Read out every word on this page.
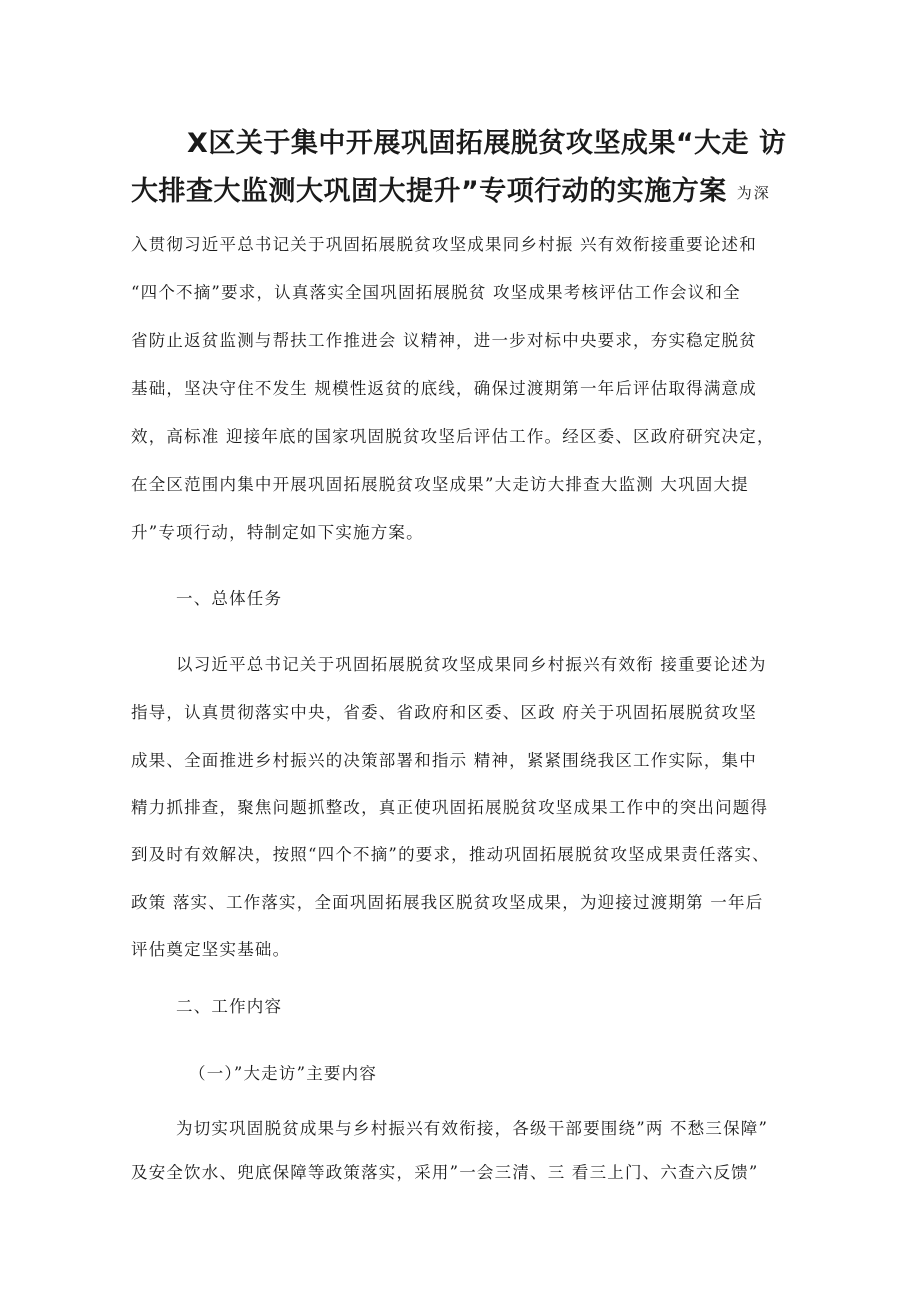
X区关于集中开展巩固拓展脱贫攻坚成果“大走 访
大排查大监测大巩固大提升”专项行动的实施方案 为深
入贯彻习近平总书记关于巩固拓展脱贫攻坚成果同乡村振 兴有效衔接重要论述和
“四个不摘”要求，认真落实全国巩固拓展脱贫 攻坚成果考核评估工作会议和全
省防止返贫监测与帮扶工作推进会 议精神，进一步对标中央要求，夯实稳定脱贫
基础，坚决守住不发生 规模性返贫的底线，确保过渡期第一年后评估取得满意成
效，高标准 迎接年底的国家巩固脱贫攻坚后评估工作。经区委、区政府研究决定，
在全区范围内集中开展巩固拓展脱贫攻坚成果”大走访大排查大监测 大巩固大提
升”专项行动，特制定如下实施方案。
一、总体任务
以习近平总书记关于巩固拓展脱贫攻坚成果同乡村振兴有效衔 接重要论述为
指导，认真贯彻落实中央，省委、省政府和区委、区政 府关于巩固拓展脱贫攻坚
成果、全面推进乡村振兴的决策部署和指示 精神，紧紧围绕我区工作实际，集中
精力抓排查，聚焦问题抓整改，真正使巩固拓展脱贫攻坚成果工作中的突出问题得
到及时有效解决，按照“四个不摘”的要求，推动巩固拓展脱贫攻坚成果责任落实、
政策 落实、工作落实，全面巩固拓展我区脱贫攻坚成果，为迎接过渡期第 一年后
评估奠定坚实基础。
二、工作内容
（一）”大走访”主要内容
为切实巩固脱贫成果与乡村振兴有效衔接，各级干部要围绕”两 不愁三保障”
及安全饮水、兜底保障等政策落实，采用”一会三清、三 看三上门、六查六反馈”
